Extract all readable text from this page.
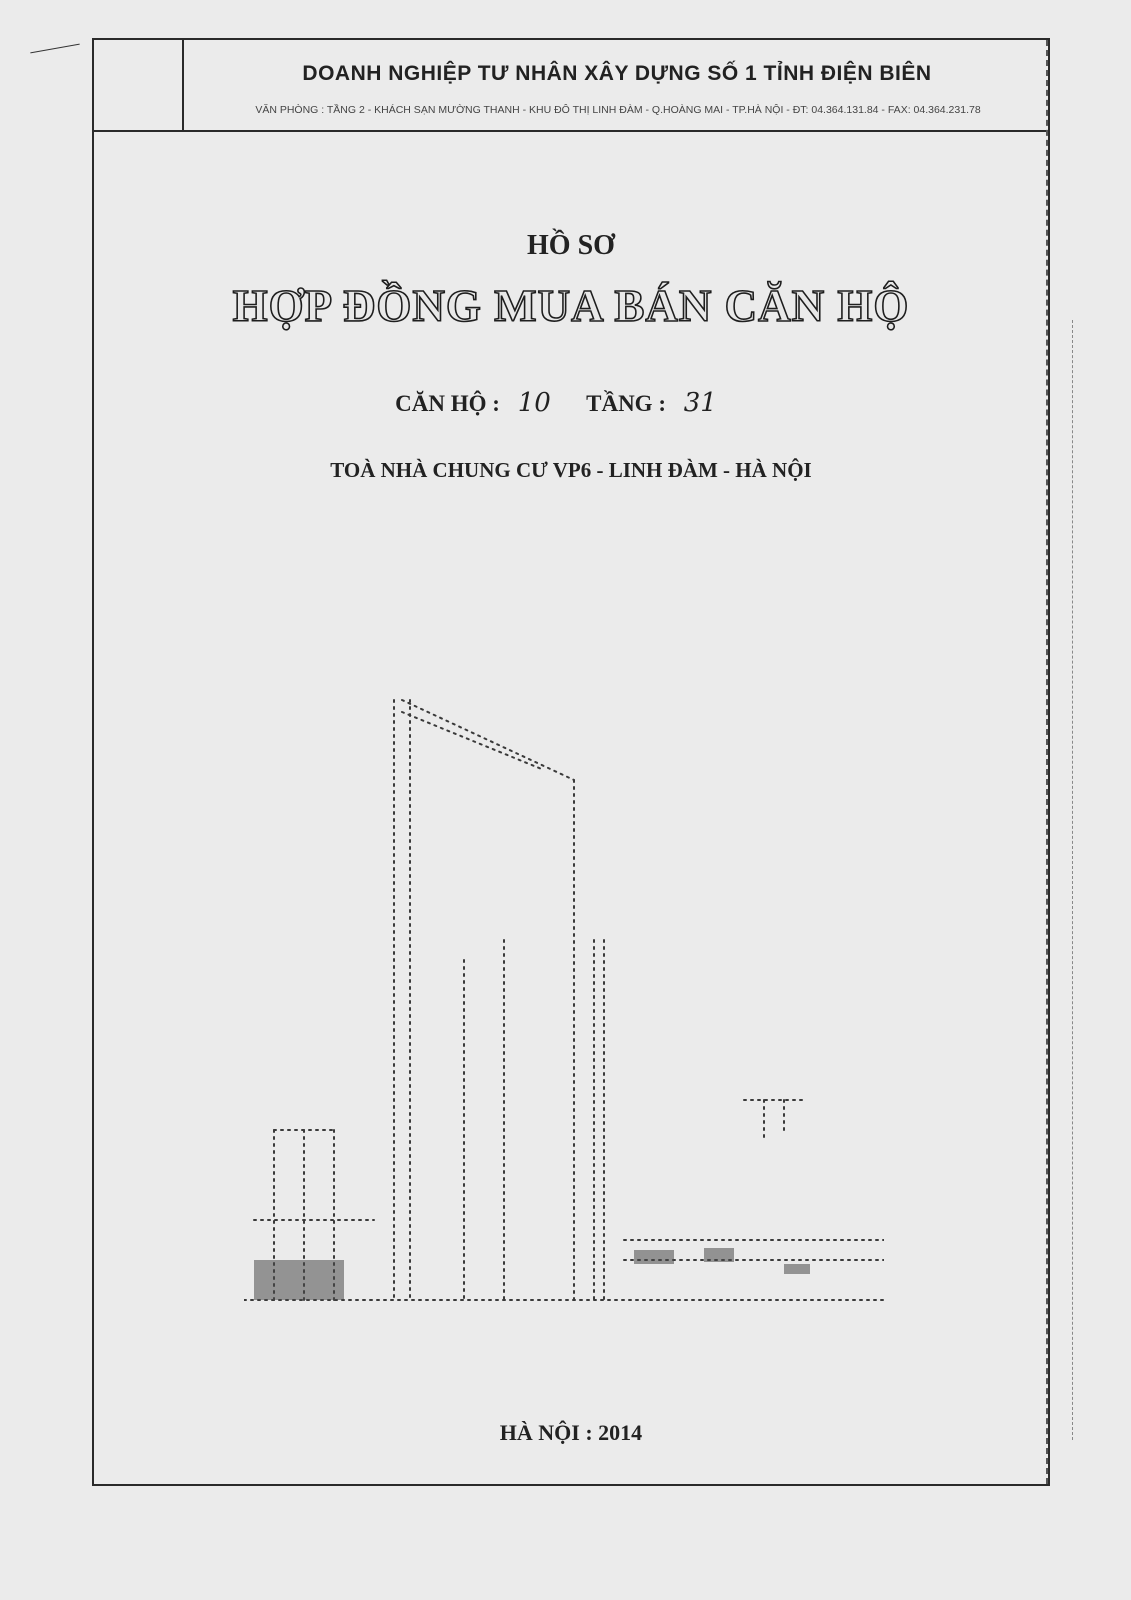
DOANH NGHIỆP TƯ NHÂN XÂY DỰNG SỐ 1 TỈNH ĐIỆN BIÊN
VĂN PHÒNG : TẦNG 2 - KHÁCH SẠN MƯỜNG THANH - KHU ĐÔ THỊ LINH ĐÀM - Q.HOÀNG MAI - TP.HÀ NỘI - ĐT: 04.364.131.84 - FAX: 04.364.231.78
HỒ SƠ
HỢP ĐỒNG MUA BÁN CĂN HỘ
CĂN HỘ : 10 TẦNG : 31
TOÀ NHÀ CHUNG CƯ VP6 - LINH ĐÀM - HÀ NỘI
HÀ NỘI : 2014
